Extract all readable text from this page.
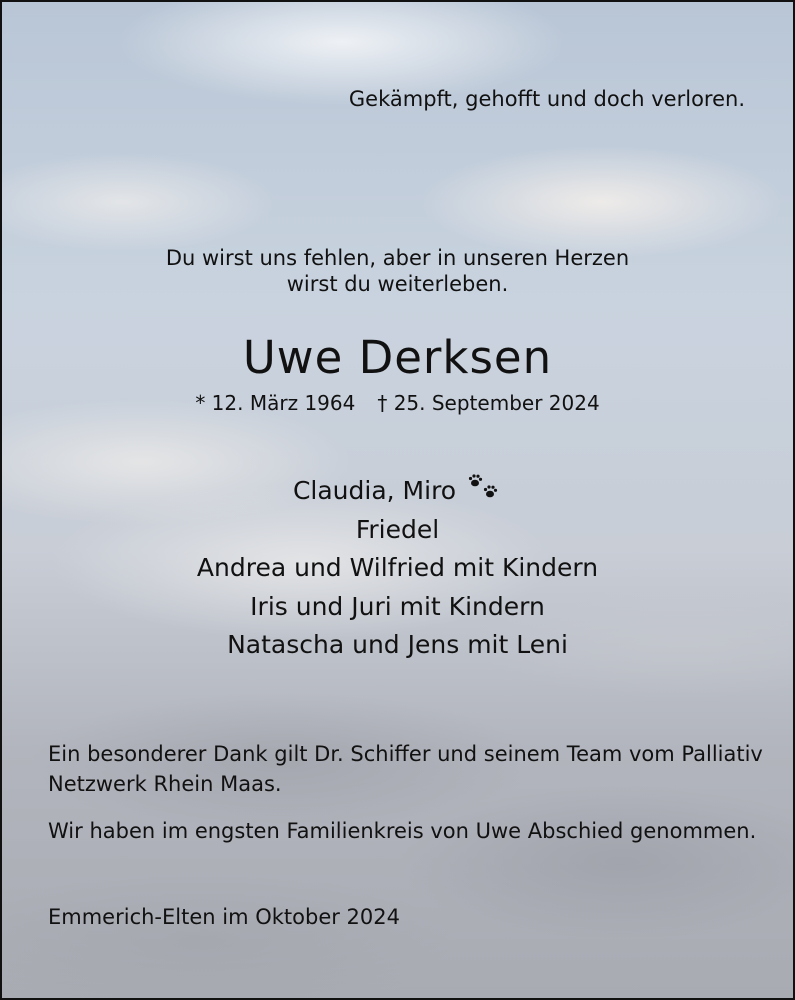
Gekämpft, gehofft und doch verloren.
Du wirst uns fehlen, aber in unseren Herzen
wirst du weiterleben.
Uwe Derksen
* 12. März 1964 † 25. September 2024
Claudia, Miro
Friedel
Andrea und Wilfried mit Kindern
Iris und Juri mit Kindern
Natascha und Jens mit Leni
Ein besonderer Dank gilt Dr. Schiffer und seinem Team vom Palliativ Netzwerk Rhein Maas.
Wir haben im engsten Familienkreis von Uwe Abschied genommen.
Emmerich-Elten im Oktober 2024
